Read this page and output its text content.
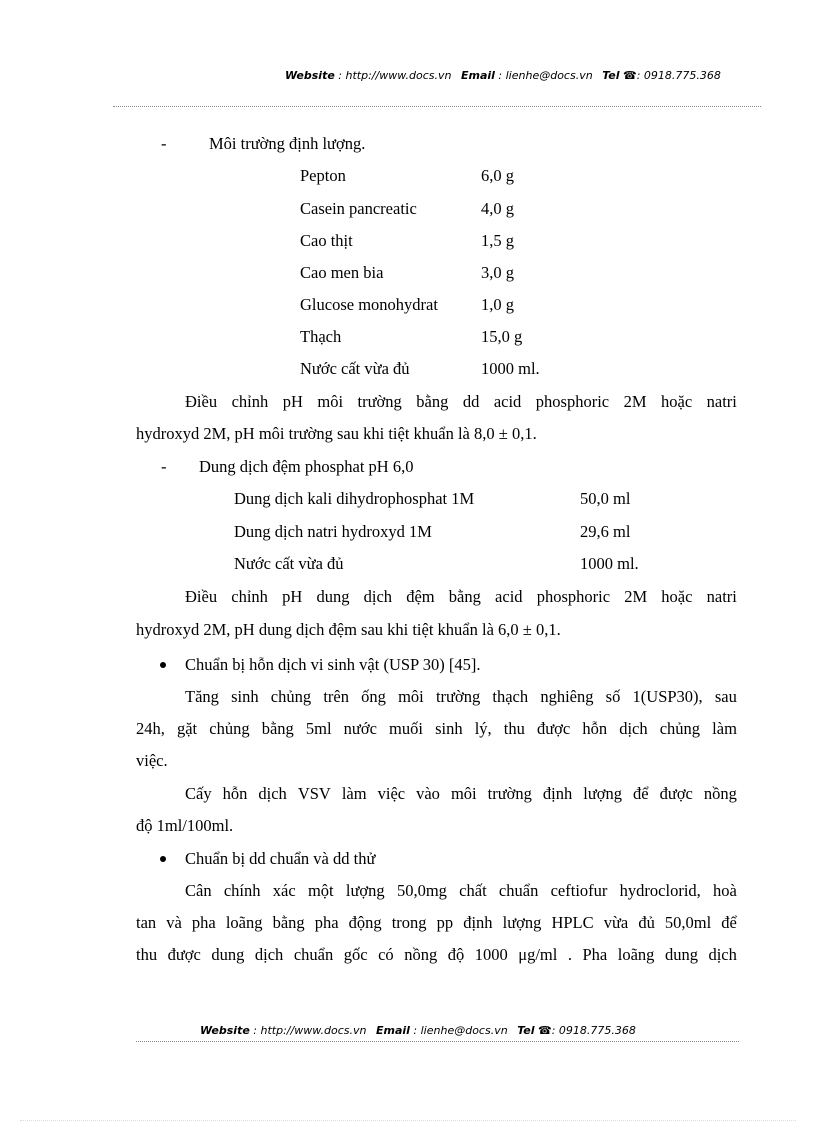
Website : http://www.docs.vn Email : lienhe@docs.vn Tel ☎: 0918.775.368
-	Môi trường định lượng.
Pepton	6,0 g
Casein pancreatic	4,0 g
Cao thịt	1,5 g
Cao men bia	3,0 g
Glucose monohydrat	1,0 g
Thạch	15,0 g
Nước cất vừa đủ	1000 ml.
Điều chỉnh pH môi trường bằng dd acid phosphoric 2M hoặc natri
hydroxyd 2M, pH môi trường sau khi tiệt khuẩn là 8,0 ± 0,1.
- Dung dịch đệm phosphat pH 6,0
Dung dịch kali dihydrophosphat 1M	50,0 ml
Dung dịch natri hydroxyd 1M	29,6 ml
Nước cất vừa đủ	1000 ml.
Điều chỉnh pH dung dịch đệm bằng acid phosphoric 2M hoặc natri
hydroxyd 2M, pH dung dịch đệm sau khi tiệt khuẩn là 6,0 ± 0,1.
Chuẩn bị hỗn dịch vi sinh vật (USP 30) [45].
Tăng sinh chủng trên ống môi trường thạch nghiêng số 1(USP30), sau
24h, gặt chủng bằng 5ml nước muối sinh lý, thu được hỗn dịch chủng làm
việc.
Cấy hỗn dịch VSV làm việc vào môi trường định lượng để được nồng
độ 1ml/100ml.
Chuẩn bị dd chuẩn và dd thử
Cân chính xác một lượng 50,0mg chất chuẩn ceftiofur hydroclorid, hoà
tan và pha loãng bằng pha động trong pp định lượng HPLC vừa đủ 50,0ml để
thu được dung dịch chuẩn gốc có nồng độ 1000 μg/ml . Pha loãng dung dịch
Website : http://www.docs.vn Email : lienhe@docs.vn Tel ☎: 0918.775.368
